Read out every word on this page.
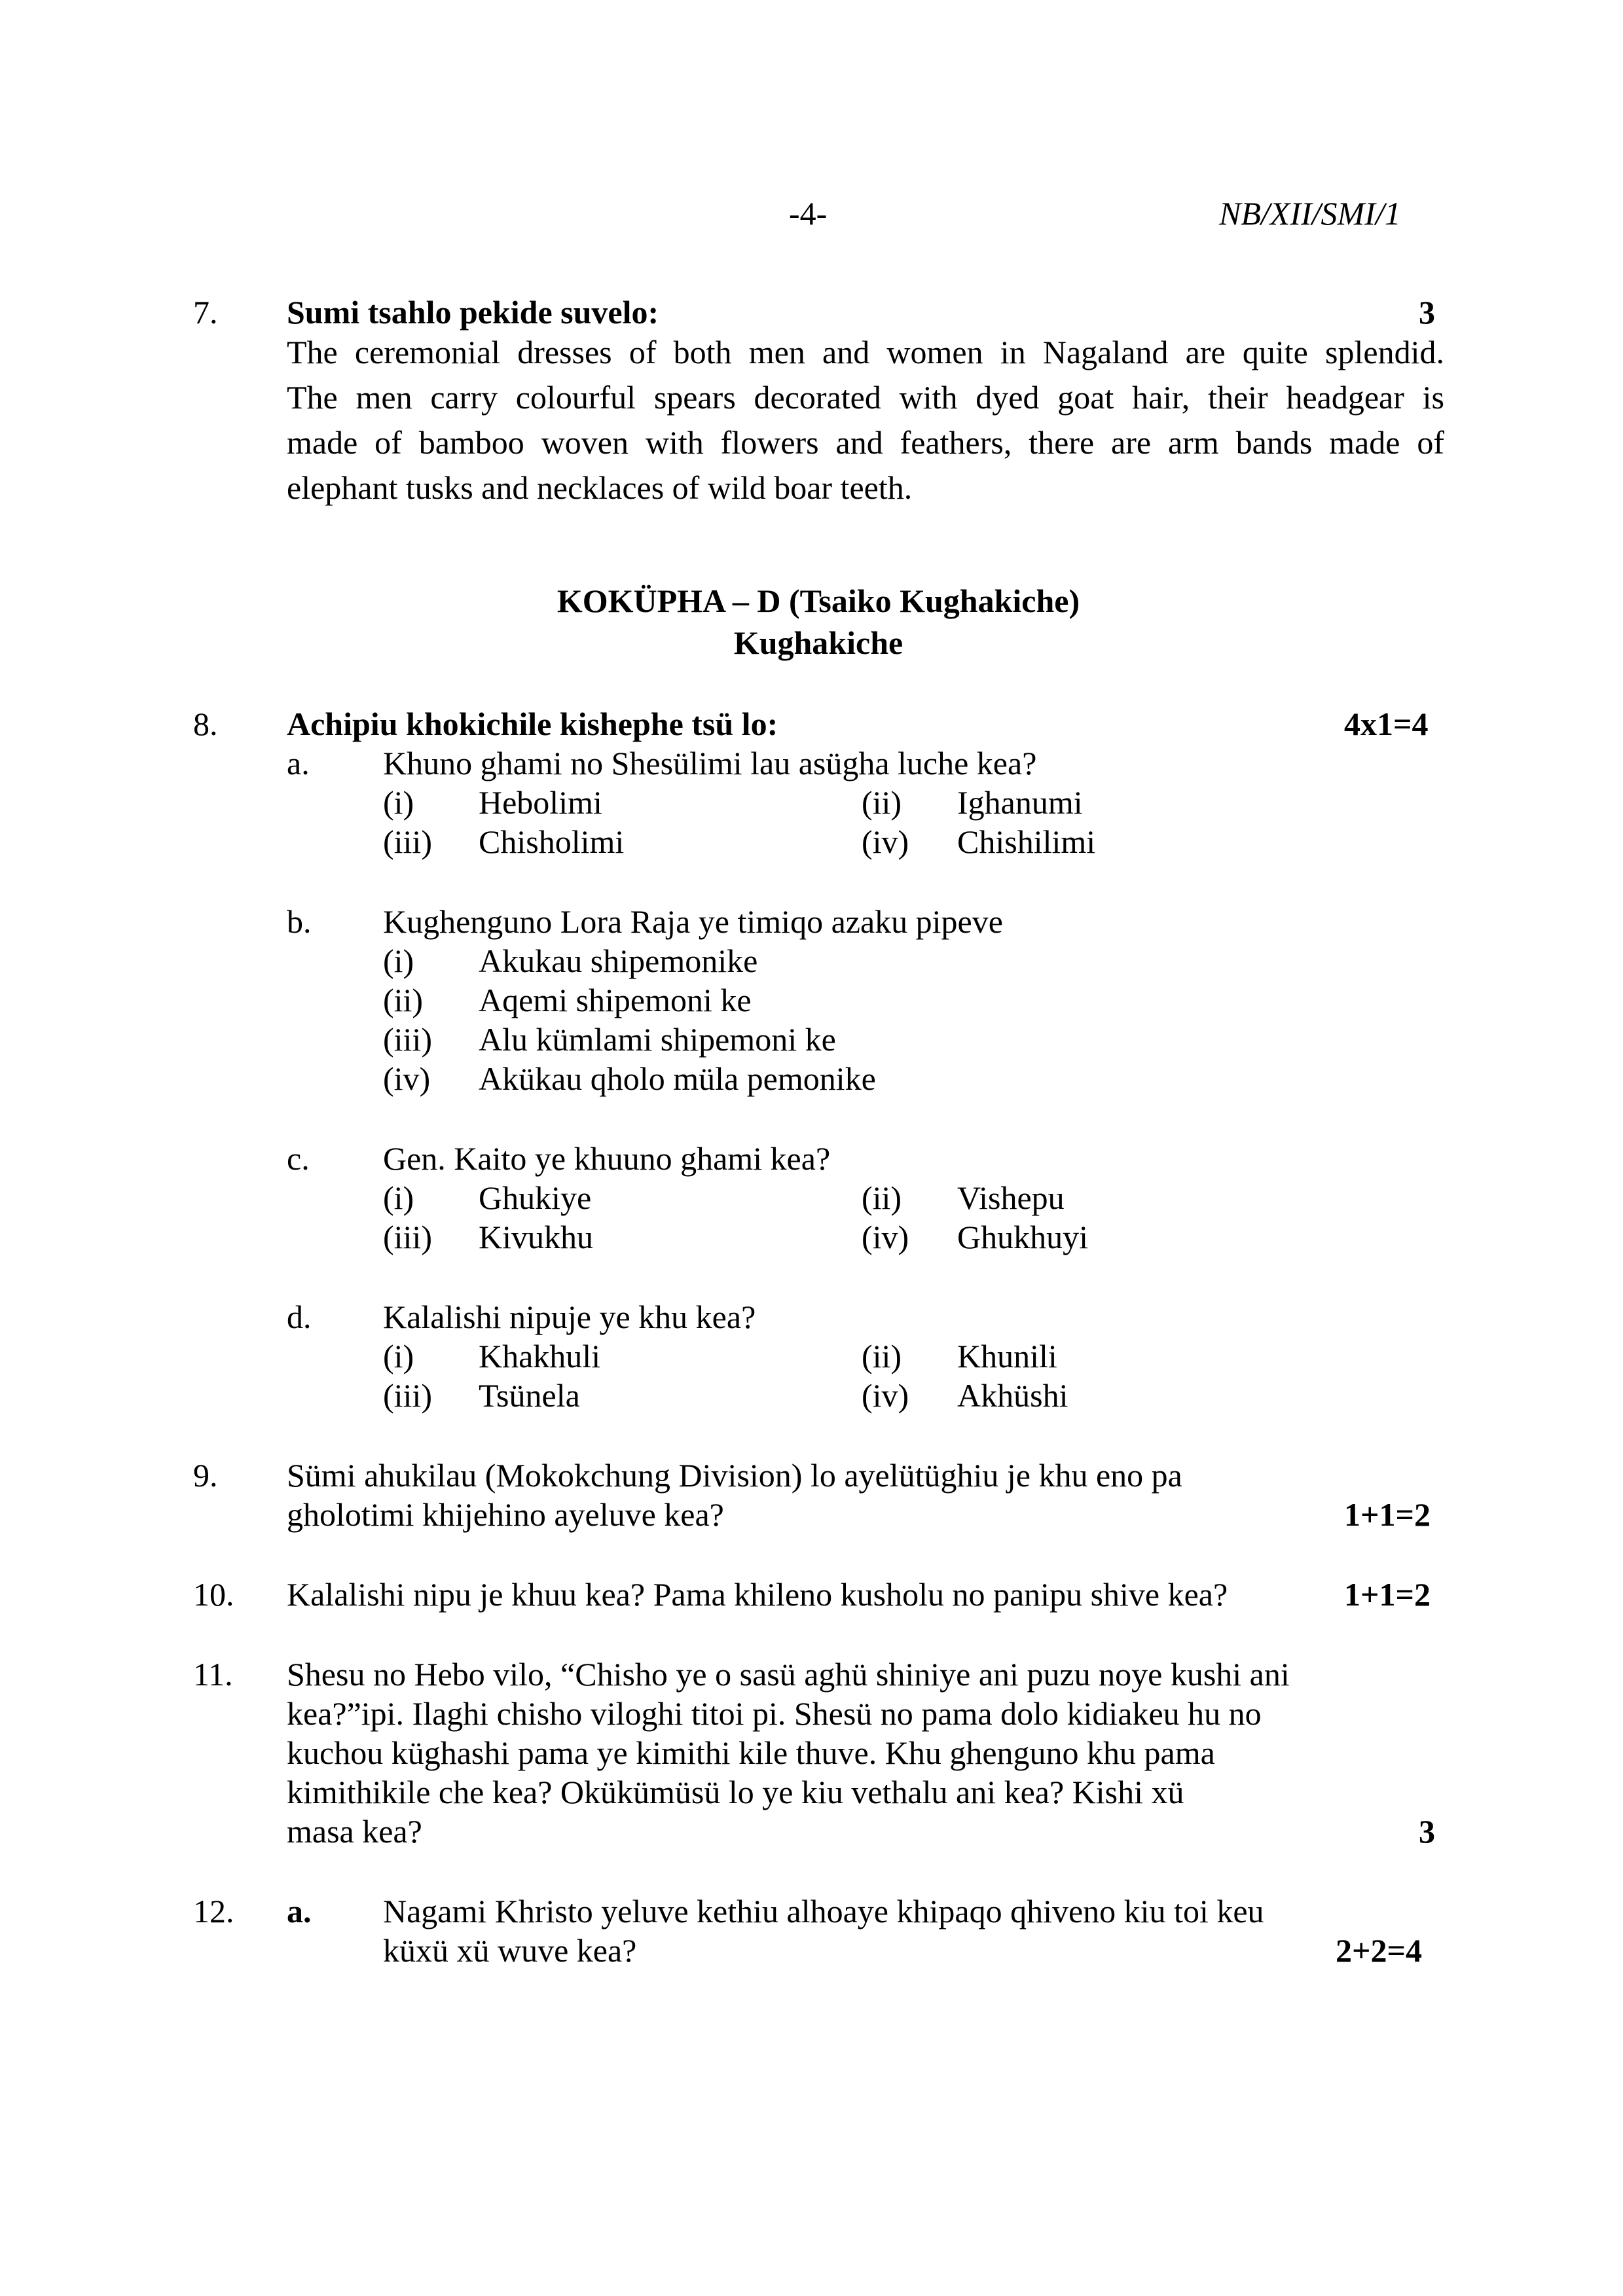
-4-	NB/XII/SMI/1
7. Sumi tsahlo pekide suvelo:	3
The ceremonial dresses of both men and women in Nagaland are quite splendid.
The men carry colourful spears decorated with dyed goat hair, their headgear is
made of bamboo woven with flowers and feathers, there are arm bands made of
elephant tusks and necklaces of wild boar teeth.
KOKÜPHA – D (Tsaiko Kughakiche)
Kughakiche
8. Achipiu khokichile kishephe tsü lo:	4x1=4
a. Khuno ghami no Shesülimi lau asügha luche kea?
(i) Hebolimi	(ii) Ighanumi
(iii) Chisholimi	(iv) Chishilimi
b. Kughenguno Lora Raja ye timiqo azaku pipeve
(i) Akukau shipemonike
(ii) Aqemi shipemoni ke
(iii) Alu kümlami shipemoni ke
(iv) Akükau qholo müla pemonike
c. Gen. Kaito ye khuuno ghami kea?
(i) Ghukiye	(ii) Vishepu
(iii) Kivukhu	(iv) Ghukhuyi
d. Kalalishi nipuje ye khu kea?
(i) Khakhuli	(ii) Khunili
(iii) Tsünela	(iv) Akhüshi
9. Sümi ahukilau (Mokokchung Division) lo ayelütüghiu je khu eno pa
gholotimi khijehino ayeluve kea?	1+1=2
10. Kalalishi nipu je khuu kea? Pama khileno kusholu no panipu shive kea?	1+1=2
11. Shesu no Hebo vilo, “Chisho ye o sasü aghü shiniye ani puzu noye kushi ani
kea?”ipi. Ilaghi chisho viloghi titoi pi. Shesü no pama dolo kidiakeu hu no
kuchou küghashi pama ye kimithi kile thuve. Khu ghenguno khu pama
kimithikile che kea? Okükümüsü lo ye kiu vethalu ani kea? Kishi xü
masa kea?	3
12. a. Nagami Khristo yeluve kethiu alhoaye khipaqo qhiveno kiu toi keu
küxü xü wuve kea?	2+2=4
